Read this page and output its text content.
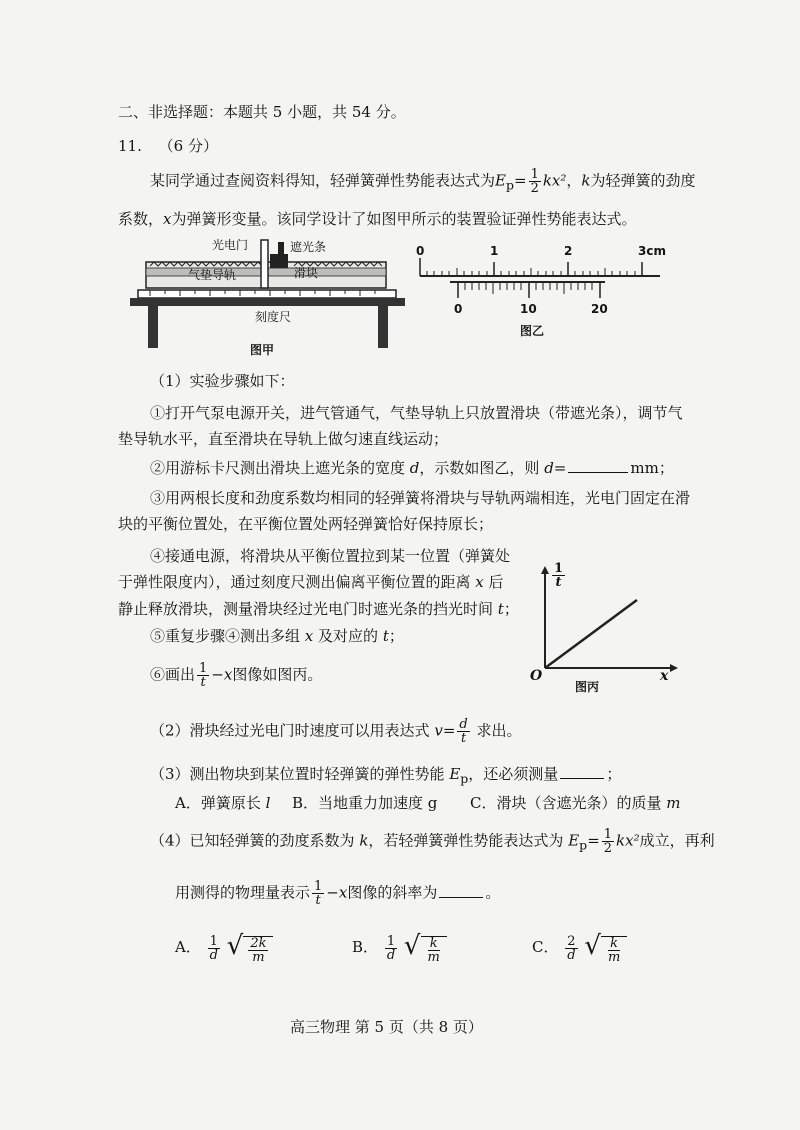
二、非选择题：本题共 5 小题，共 54 分。
11. （6 分）
某同学通过查阅资料得知，轻弹簧弹性势能表达式为$E_p= \frac{1}{2} kx^2$，k为轻弹簧的劲度
系数，x为弹簧形变量。该同学设计了如图甲所示的装置验证弹性势能表达式。
光电门	遮光条
气垫导轨	滑块
刻度尺
图甲
0	1	2	3cm
0	10	20
图乙
（1）实验步骤如下：
①打开气泵电源开关，进气管通气，气垫导轨上只放置滑块（带遮光条），调节气
垫导轨水平，直至滑块在导轨上做匀速直线运动；
②用游标卡尺测出滑块上遮光条的宽度 d，示数如图乙，则 d=	mm；
③用两根长度和劲度系数均相同的轻弹簧将滑块与导轨两端相连，光电门固定在滑
块的平衡位置处，在平衡位置处两轻弹簧恰好保持原长；
④接通电源，将滑块从平衡位置拉到某一位置（弹簧处
于弹性限度内），通过刻度尺测出偏离平衡位置的距离 x 后
静止释放滑块，测量滑块经过光电门时遮光条的挡光时间 t；
⑤重复步骤④测出多组 x 及对应的 t；
⑥画出 $\frac{1}{t} -x$图像如图丙。
$\frac{1}{t}$
x
O
图丙
（2）滑块经过光电门时速度可以用表达式 $v= \frac{d}{t}$ 求出。
（3）测出物块到某位置时轻弹簧的弹性势能 $E_p$，还必须测量	；
A．弹簧原长 l B．当地重力加速度 g C．滑块（含遮光条）的质量 m
（4）已知轻弹簧的劲度系数为 k，若轻弹簧弹性势能表达式为 $E_p= \frac{1}{2} kx^2$成立，再利
用测得的物理量表示 $\frac{1}{t} -x$图像的斜率为	。
A． $\frac{1}{d}$
√ $\frac{2k}{m}$	B． $\frac{1}{d}$
√ $\frac{k}{m}$	C． $\frac{2}{d}$
√ $\frac{k}{m}$
高三物理 第 5 页（共 8 页）
